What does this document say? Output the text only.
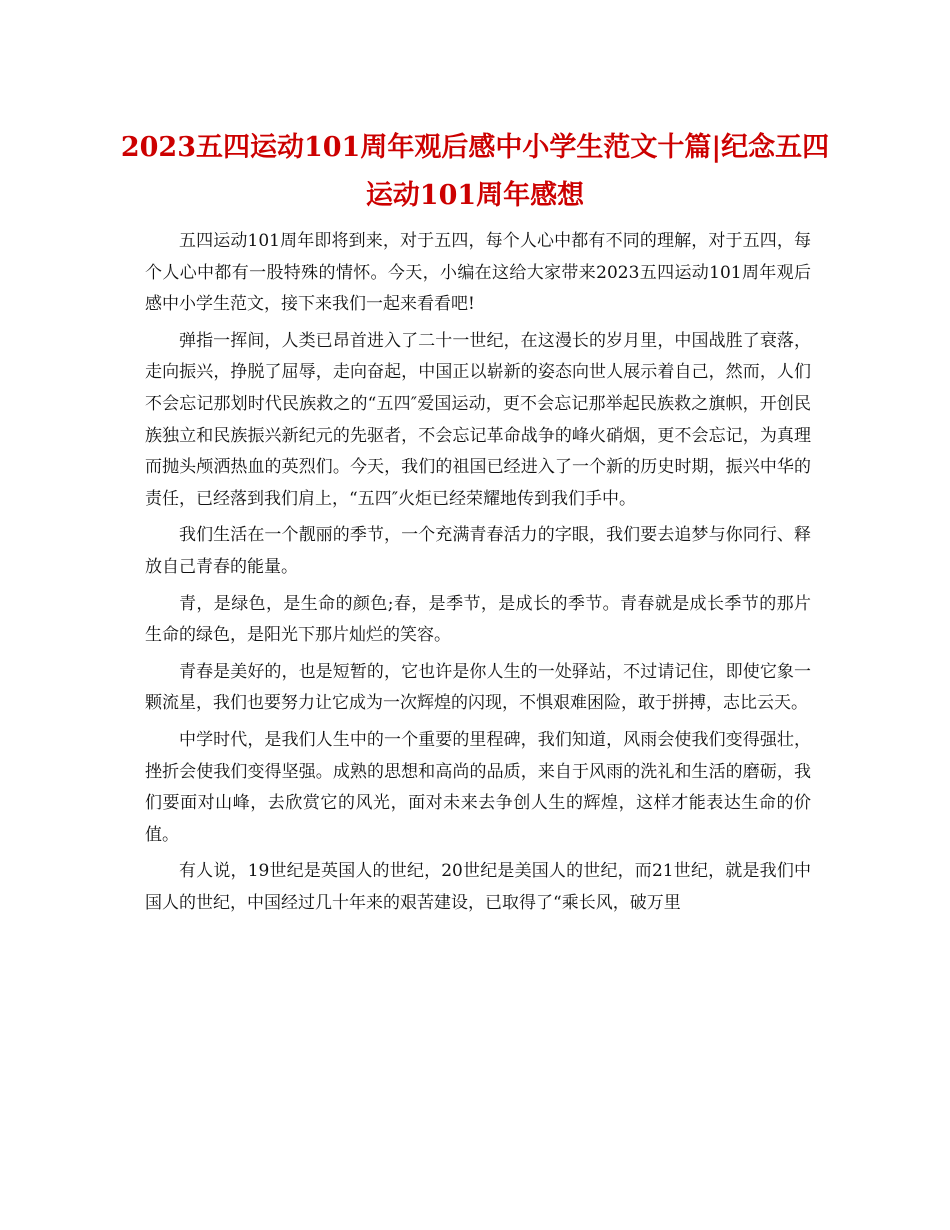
2023五四运动101周年观后感中小学生范文十篇|纪念五四运动101周年感想

五四运动101周年即将到来，对于五四，每个人心中都有不同的理解，对于五四，每个人心中都有一股特殊的情怀。今天，小编在这给大家带来2023五四运动101周年观后感中小学生范文，接下来我们一起来看看吧!

弹指一挥间，人类已昂首进入了二十一世纪，在这漫长的岁月里，中国战胜了衰落，走向振兴，挣脱了屈辱，走向奋起，中国正以崭新的姿态向世人展示着自己，然而，人们不会忘记那划时代民族救之的“五四″爱国运动，更不会忘记那举起民族救之旗帜，开创民族独立和民族振兴新纪元的先驱者，不会忘记革命战争的峰火硝烟，更不会忘记，为真理而抛头颅洒热血的英烈们。今天，我们的祖国已经进入了一个新的历史时期，振兴中华的责任，已经落到我们肩上，“五四″火炬已经荣耀地传到我们手中。

我们生活在一个靓丽的季节，一个充满青春活力的字眼，我们要去追梦与你同行、释放自己青春的能量。

青，是绿色，是生命的颜色;春，是季节，是成长的季节。青春就是成长季节的那片生命的绿色，是阳光下那片灿烂的笑容。

青春是美好的，也是短暂的，它也许是你人生的一处驿站，不过请记住，即使它象一颗流星，我们也要努力让它成为一次辉煌的闪现，不惧艰难困险，敢于拼搏，志比云天。

中学时代，是我们人生中的一个重要的里程碑，我们知道，风雨会使我们变得强壮，挫折会使我们变得坚强。成熟的思想和高尚的品质，来自于风雨的洗礼和生活的磨砺，我们要面对山峰，去欣赏它的风光，面对未来去争创人生的辉煌，这样才能表达生命的价值。

有人说，19世纪是英国人的世纪，20世纪是美国人的世纪，而21世纪，就是我们中国人的世纪，中国经过几十年来的艰苦建设，已取得了“乘长风，破万里
